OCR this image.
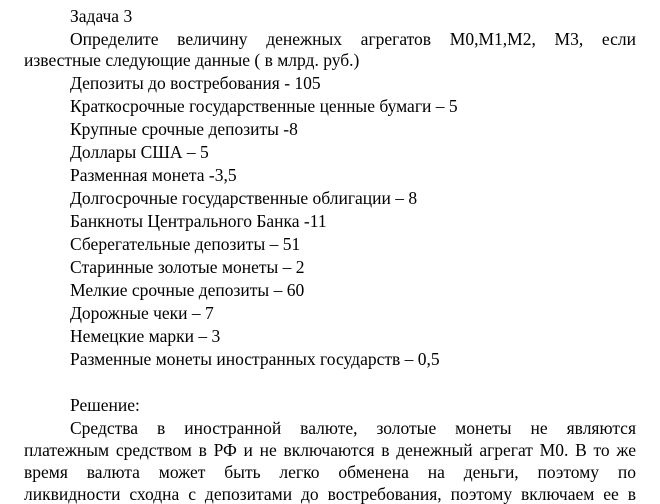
Задача 3
Определите величину денежных агрегатов М0,М1,М2, М3, если
известные следующие данные ( в млрд. руб.)
Депозиты до востребования - 105
Краткосрочные государственные ценные бумаги – 5
Крупные срочные депозиты -8
Доллары США – 5
Разменная монета -3,5
Долгосрочные государственные облигации – 8
Банкноты Центрального Банка -11
Сберегательные депозиты – 51
Старинные золотые монеты – 2
Мелкие срочные депозиты – 60
Дорожные чеки – 7
Немецкие марки – 3
Разменные монеты иностранных государств – 0,5
Решение:
Средства в иностранной валюте, золотые монеты не являются
платежным средством в РФ и не включаются в денежный агрегат М0. В то же
время валюта может быть легко обменена на деньги, поэтому по
ликвидности сходна с депозитами до востребования, поэтому включаем ее в
